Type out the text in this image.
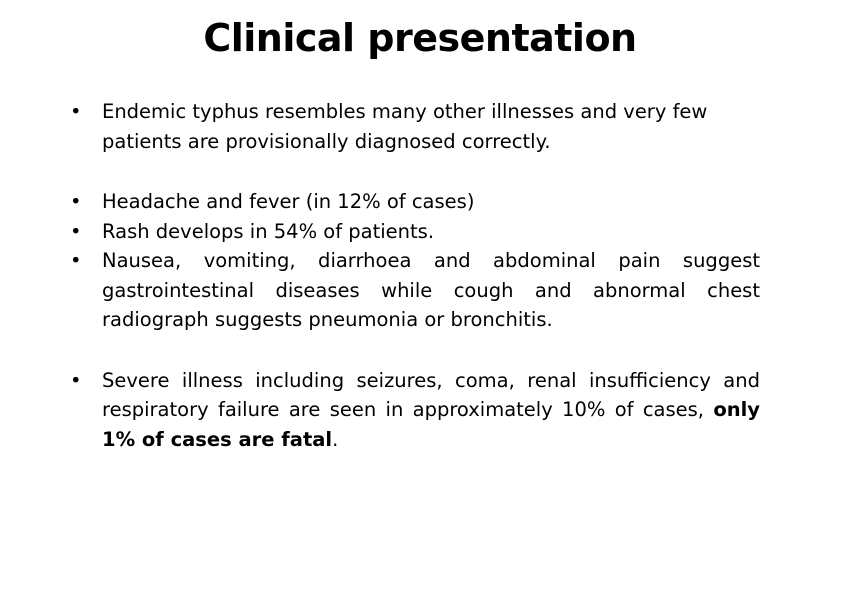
Clinical presentation
•	Endemic typhus resembles many other illnesses and very few patients are provisionally diagnosed correctly.
•	Headache and fever (in 12% of cases)
•	Rash develops in 54% of patients.
•	Nausea, vomiting, diarrhoea and abdominal pain suggest gastrointestinal diseases while cough and abnormal chest radiograph suggests pneumonia or bronchitis.
•	Severe illness including seizures, coma, renal insufficiency and respiratory failure are seen in approximately 10% of cases, only 1% of cases are fatal.
